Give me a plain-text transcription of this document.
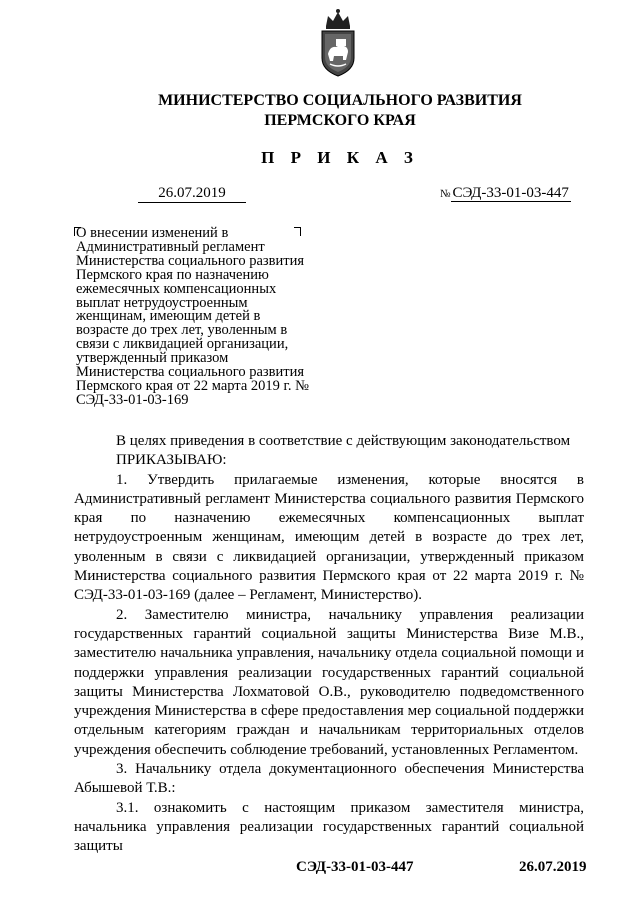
МИНИСТЕРСТВО СОЦИАЛЬНОГО РАЗВИТИЯ
ПЕРМСКОГО КРАЯ
П Р И К А З
26.07.2019	№ СЭД-33-01-03-447
О внесении изменений в Административный регламент Министерства социального развития Пермского края по назначению ежемесячных компенсационных выплат нетрудоустроенным женщинам, имеющим детей в возрасте до трех лет, уволенным в связи с ликвидацией организации, утвержденный приказом Министерства социального развития Пермского края от 22 марта 2019 г. № СЭД-33-01-03-169

В целях приведения в соответствие с действующим законодательством

ПРИКАЗЫВАЮ:

1. Утвердить прилагаемые изменения, которые вносятся в Административный регламент Министерства социального развития Пермского края по назначению ежемесячных компенсационных выплат нетрудоустроенным женщинам, имеющим детей в возрасте до трех лет, уволенным в связи с ликвидацией организации, утвержденный приказом Министерства социального развития Пермского края от 22 марта 2019 г. № СЭД-33-01-03-169 (далее – Регламент, Министерство).

2. Заместителю министра, начальнику управления реализации государственных гарантий социальной защиты Министерства Визе М.В., заместителю начальника управления, начальнику отдела социальной помощи и поддержки управления реализации государственных гарантий социальной защиты Министерства Лохматовой О.В., руководителю подведомственного учреждения Министерства в сфере предоставления мер социальной поддержки отдельным категориям граждан и начальникам территориальных отделов учреждения обеспечить соблюдение требований, установленных Регламентом.

3. Начальнику отдела документационного обеспечения Министерства Абышевой Т.В.:

3.1. ознакомить с настоящим приказом заместителя министра, начальника управления реализации государственных гарантий социальной защиты

СЭД-33-01-03-447	26.07.2019
